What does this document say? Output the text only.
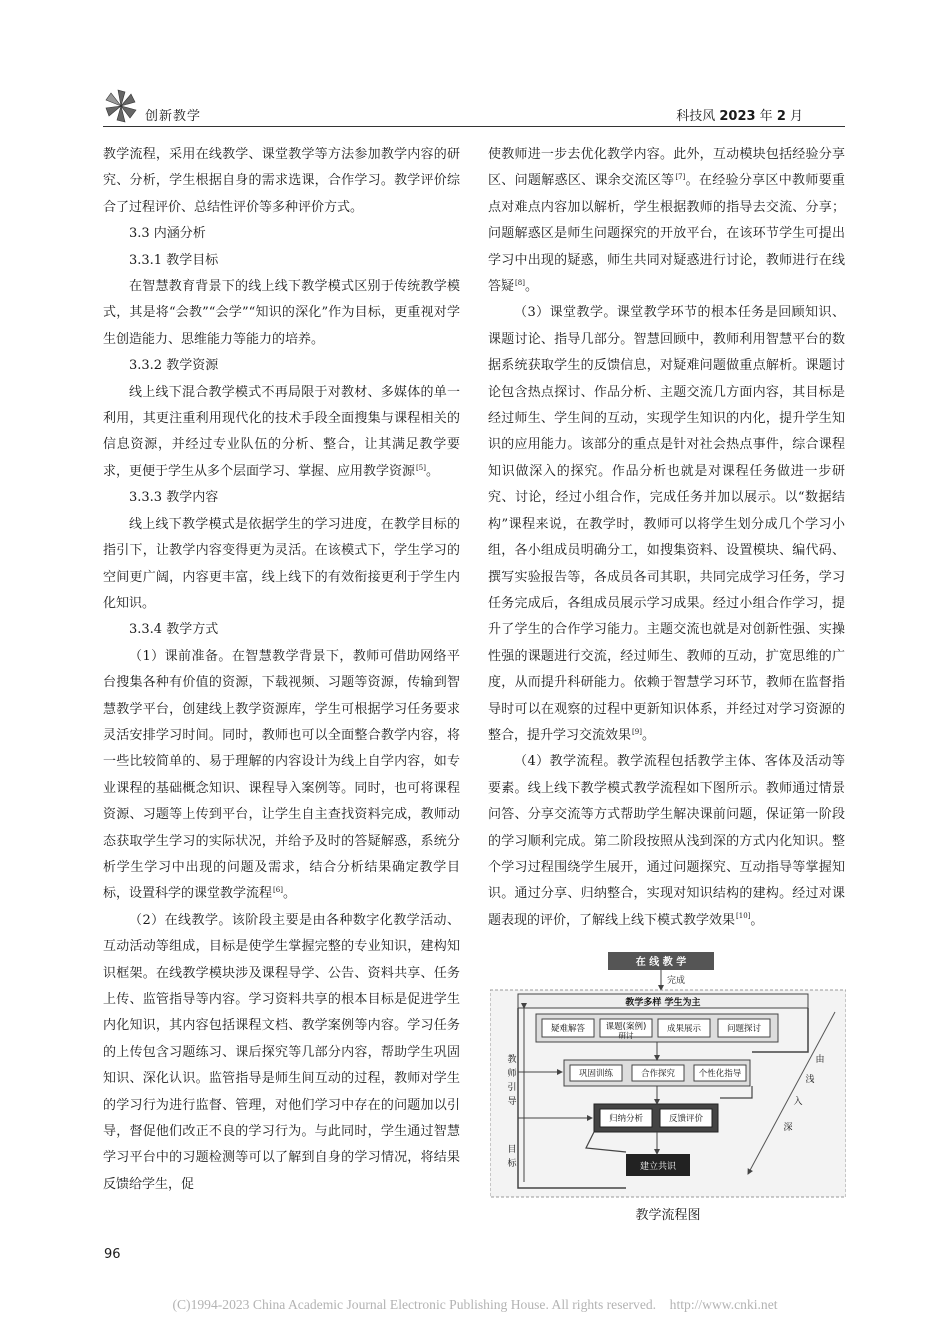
创新教学	科技风 2023 年 2 月

教学流程，采用在线教学、课堂教学等方法参加教学内容的研究、分析，学生根据自身的需求选课，合作学习。教学评价综合了过程评价、总结性评价等多种评价方式。

3.3 内涵分析

3.3.1 教学目标

在智慧教育背景下的线上线下教学模式区别于传统教学模式，其是将“会教”“会学”“知识的深化”作为目标，更重视对学生创造能力、思维能力等能力的培养。

3.3.2 教学资源

线上线下混合教学模式不再局限于对教材、多媒体的单一利用，其更注重利用现代化的技术手段全面搜集与课程相关的信息资源，并经过专业队伍的分析、整合，让其满足教学要求，更便于学生从多个层面学习、掌握、应用教学资源[5]。

3.3.3 教学内容

线上线下教学模式是依据学生的学习进度，在教学目标的指引下，让教学内容变得更为灵活。在该模式下，学生学习的空间更广阔，内容更丰富，线上线下的有效衔接更利于学生内化知识。

3.3.4 教学方式

（1）课前准备。在智慧教学背景下，教师可借助网络平台搜集各种有价值的资源，下载视频、习题等资源，传输到智慧教学平台，创建线上教学资源库，学生可根据学习任务要求灵活安排学习时间。同时，教师也可以全面整合教学内容，将一些比较简单的、易于理解的内容设计为线上自学内容，如专业课程的基础概念知识、课程导入案例等。同时，也可将课程资源、习题等上传到平台，让学生自主查找资料完成，教师动态获取学生学习的实际状况，并给予及时的答疑解惑，系统分析学生学习中出现的问题及需求，结合分析结果确定教学目标，设置科学的课堂教学流程[6]。

（2）在线教学。该阶段主要是由各种数字化教学活动、互动活动等组成，目标是使学生掌握完整的专业知识，建构知识框架。在线教学模块涉及课程导学、公告、资料共享、任务上传、监管指导等内容。学习资料共享的根本目标是促进学生内化知识，其内容包括课程文档、教学案例等内容。学习任务的上传包含习题练习、课后探究等几部分内容，帮助学生巩固知识、深化认识。监管指导是师生间互动的过程，教师对学生的学习行为进行监督、管理，对他们学习中存在的问题加以引导，督促他们改正不良的学习行为。与此同时，学生通过智慧学习平台中的习题检测等可以了解到自身的学习情况，将结果反馈给学生，促

使教师进一步去优化教学内容。此外，互动模块包括经验分享区、问题解惑区、课余交流区等[7]。在经验分享区中教师要重点对难点内容加以解析，学生根据教师的指导去交流、分享；问题解惑区是师生问题探究的开放平台，在该环节学生可提出学习中出现的疑惑，师生共同对疑惑进行讨论，教师进行在线答疑[8]。

（3）课堂教学。课堂教学环节的根本任务是回顾知识、课题讨论、指导几部分。智慧回顾中，教师利用智慧平台的数据系统获取学生的反馈信息，对疑难问题做重点解析。课题讨论包含热点探讨、作品分析、主题交流几方面内容，其目标是经过师生、学生间的互动，实现学生知识的内化，提升学生知识的应用能力。该部分的重点是针对社会热点事件，综合课程知识做深入的探究。作品分析也就是对课程任务做进一步研究、讨论，经过小组合作，完成任务并加以展示。以“数据结构”课程来说，在教学时，教师可以将学生划分成几个学习小组，各小组成员明确分工，如搜集资料、设置模块、编代码、撰写实验报告等，各成员各司其职，共同完成学习任务，学习任务完成后，各组成员展示学习成果。经过小组合作学习，提升了学生的合作学习能力。主题交流也就是对创新性强、实操性强的课题进行交流，经过师生、教师的互动，扩宽思维的广度，从而提升科研能力。依赖于智慧学习环节，教师在监督指导时可以在观察的过程中更新知识体系，并经过对学习资源的整合，提升学习交流效果[9]。

（4）教学流程。教学流程包括教学主体、客体及活动等要素。线上线下教学模式教学流程如下图所示。教师通过情景问答、分享交流等方式帮助学生解决课前问题，保证第一阶段的学习顺利完成。第二阶段按照从浅到深的方式内化知识。整个学习过程围绕学生展开，通过问题探究、互动指导等掌握知识。通过分享、归纳整合，实现对知识结构的建构。经过对课题表现的评价，了解线上线下模式教学效果[10]。

在 线 教 学
完成
教学多样 学生为主
疑难解答 课题(案例) 成果展示	问题探讨
研讨
巩固训练	合作探究	个性化指导
归纳分析	反馈评价
建立共识
教
师
引
导
目
标
由
浅
入
深
教学流程图
96
(C)1994-2023 China Academic Journal Electronic Publishing House. All rights reserved.    http://www.cnki.net
